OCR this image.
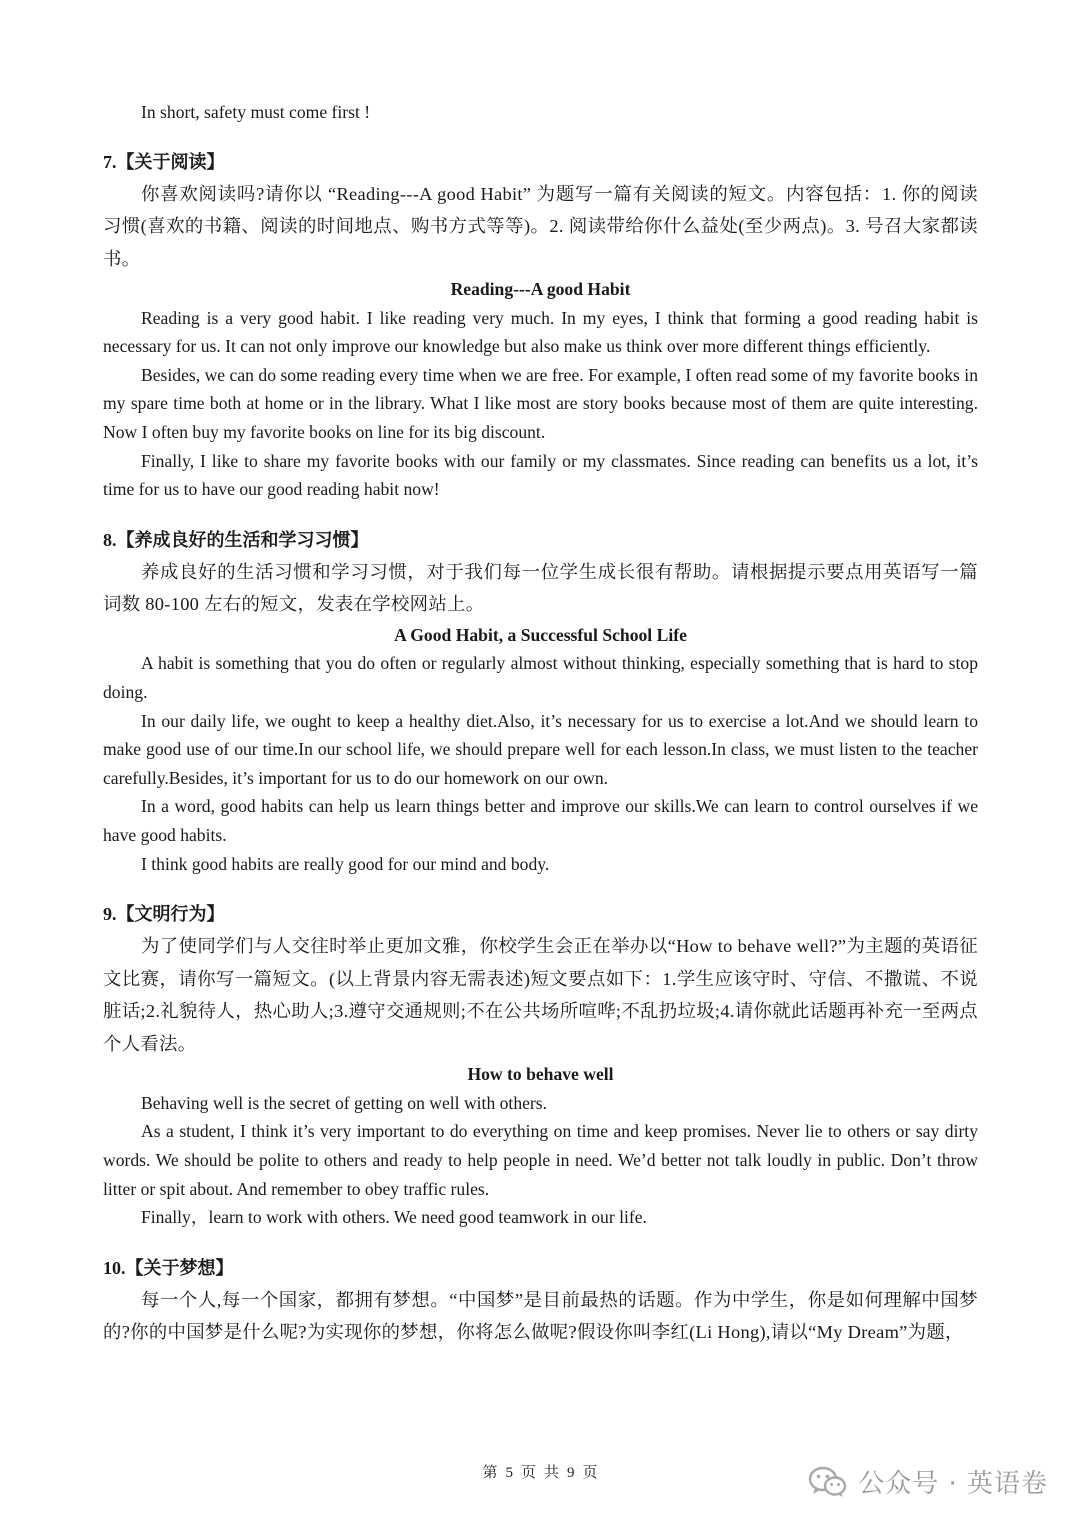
In short, safety must come first !

7.【关于阅读】

你喜欢阅读吗?请你以 “Reading---A good Habit” 为题写一篇有关阅读的短文。内容包括：1. 你的阅读习惯(喜欢的书籍、阅读的时间地点、购书方式等等)。2. 阅读带给你什么益处(至少两点)。3. 号召大家都读书。

Reading---A good Habit

Reading is a very good habit. I like reading very much. In my eyes, I think that forming a good reading habit is necessary for us. It can not only improve our knowledge but also make us think over more different things efficiently.

Besides, we can do some reading every time when we are free. For example, I often read some of my favorite books in my spare time both at home or in the library. What I like most are story books because most of them are quite interesting. Now I often buy my favorite books on line for its big discount.

Finally, I like to share my favorite books with our family or my classmates. Since reading can benefits us a lot, it’s time for us to have our good reading habit now!

8.【养成良好的生活和学习习惯】

养成良好的生活习惯和学习习惯，对于我们每一位学生成长很有帮助。请根据提示要点用英语写一篇词数 80-100 左右的短文，发表在学校网站上。

A Good Habit, a Successful School Life

A habit is something that you do often or regularly almost without thinking, especially something that is hard to stop doing.

In our daily life, we ought to keep a healthy diet.Also, it’s necessary for us to exercise a lot.And we should learn to make good use of our time.In our school life, we should prepare well for each lesson.In class, we must listen to the teacher carefully.Besides, it’s important for us to do our homework on our own.

In a word, good habits can help us learn things better and improve our skills.We can learn to control ourselves if we have good habits.

I think good habits are really good for our mind and body.

9.【文明行为】

为了使同学们与人交往时举止更加文雅，你校学生会正在举办以“How to behave well?”为主题的英语征文比赛，请你写一篇短文。(以上背景内容无需表述)短文要点如下：1.学生应该守时、守信、不撒谎、不说脏话;2.礼貌待人，热心助人;3.遵守交通规则;不在公共场所喧哗;不乱扔垃圾;4.请你就此话题再补充一至两点个人看法。

How to behave well

Behaving well is the secret of getting on well with others.

As a student, I think it’s very important to do everything on time and keep promises. Never lie to others or say dirty words. We should be polite to others and ready to help people in need. We’d better not talk loudly in public. Don’t throw litter or spit about. And remember to obey traffic rules.

Finally，learn to work with others. We need good teamwork in our life.

10.【关于梦想】

每一个人,每一个国家，都拥有梦想。“中国梦”是目前最热的话题。作为中学生，你是如何理解中国梦的?你的中国梦是什么呢?为实现你的梦想，你将怎么做呢?假设你叫李红(Li Hong),请以“My Dream”为题，

第 5 页 共 9 页	公众号 · 英语卷
